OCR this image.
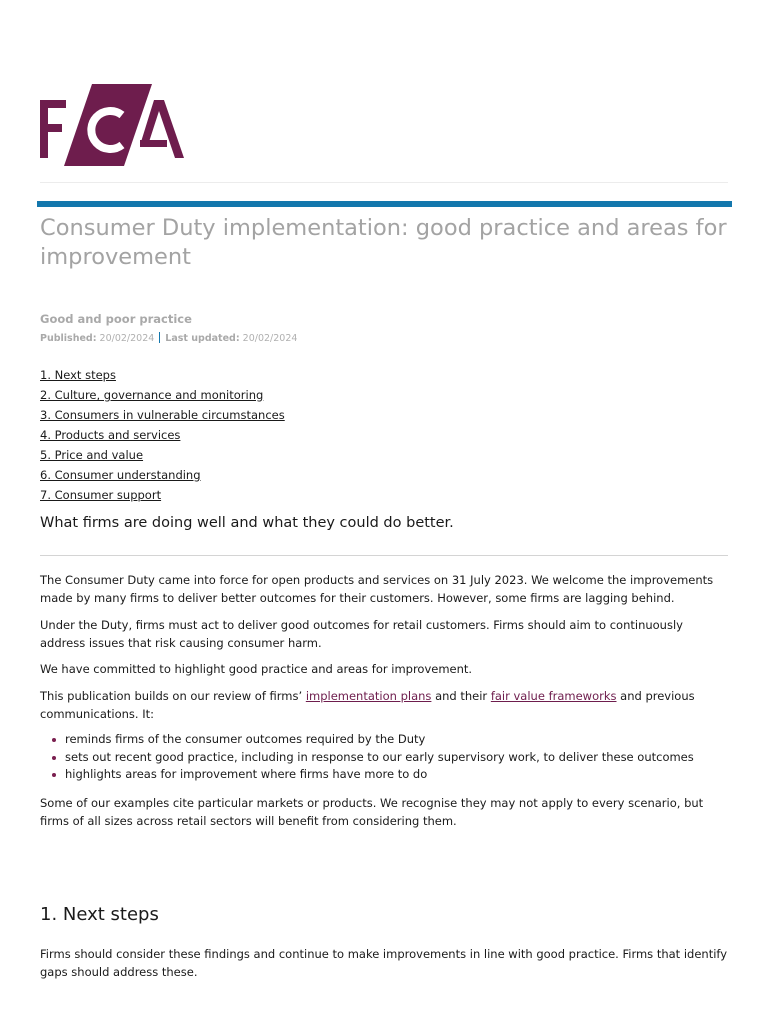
Consumer Duty implementation: good practice and areas for improvement

Good and poor practice

Published: 20/02/2024 Last updated: 20/02/2024
1. Next steps
2. Culture, governance and monitoring
3. Consumers in vulnerable circumstances
4. Products and services
5. Price and value
6. Consumer understanding
7. Consumer support

What firms are doing well and what they could do better.

The Consumer Duty came into force for open products and services on 31 July 2023. We welcome the improvements made by many firms to deliver better outcomes for their customers. However, some firms are lagging behind.

Under the Duty, firms must act to deliver good outcomes for retail customers. Firms should aim to continuously address issues that risk causing consumer harm.

We have committed to highlight good practice and areas for improvement.

This publication builds on our review of firms’ implementation plans and their fair value frameworks and previous communications. It:

reminds firms of the consumer outcomes required by the Duty
sets out recent good practice, including in response to our early supervisory work, to deliver these outcomes
highlights areas for improvement where firms have more to do

Some of our examples cite particular markets or products. We recognise they may not apply to every scenario, but firms of all sizes across retail sectors will benefit from considering them.

1. Next steps

Firms should consider these findings and continue to make improvements in line with good practice. Firms that identify gaps should address these.
